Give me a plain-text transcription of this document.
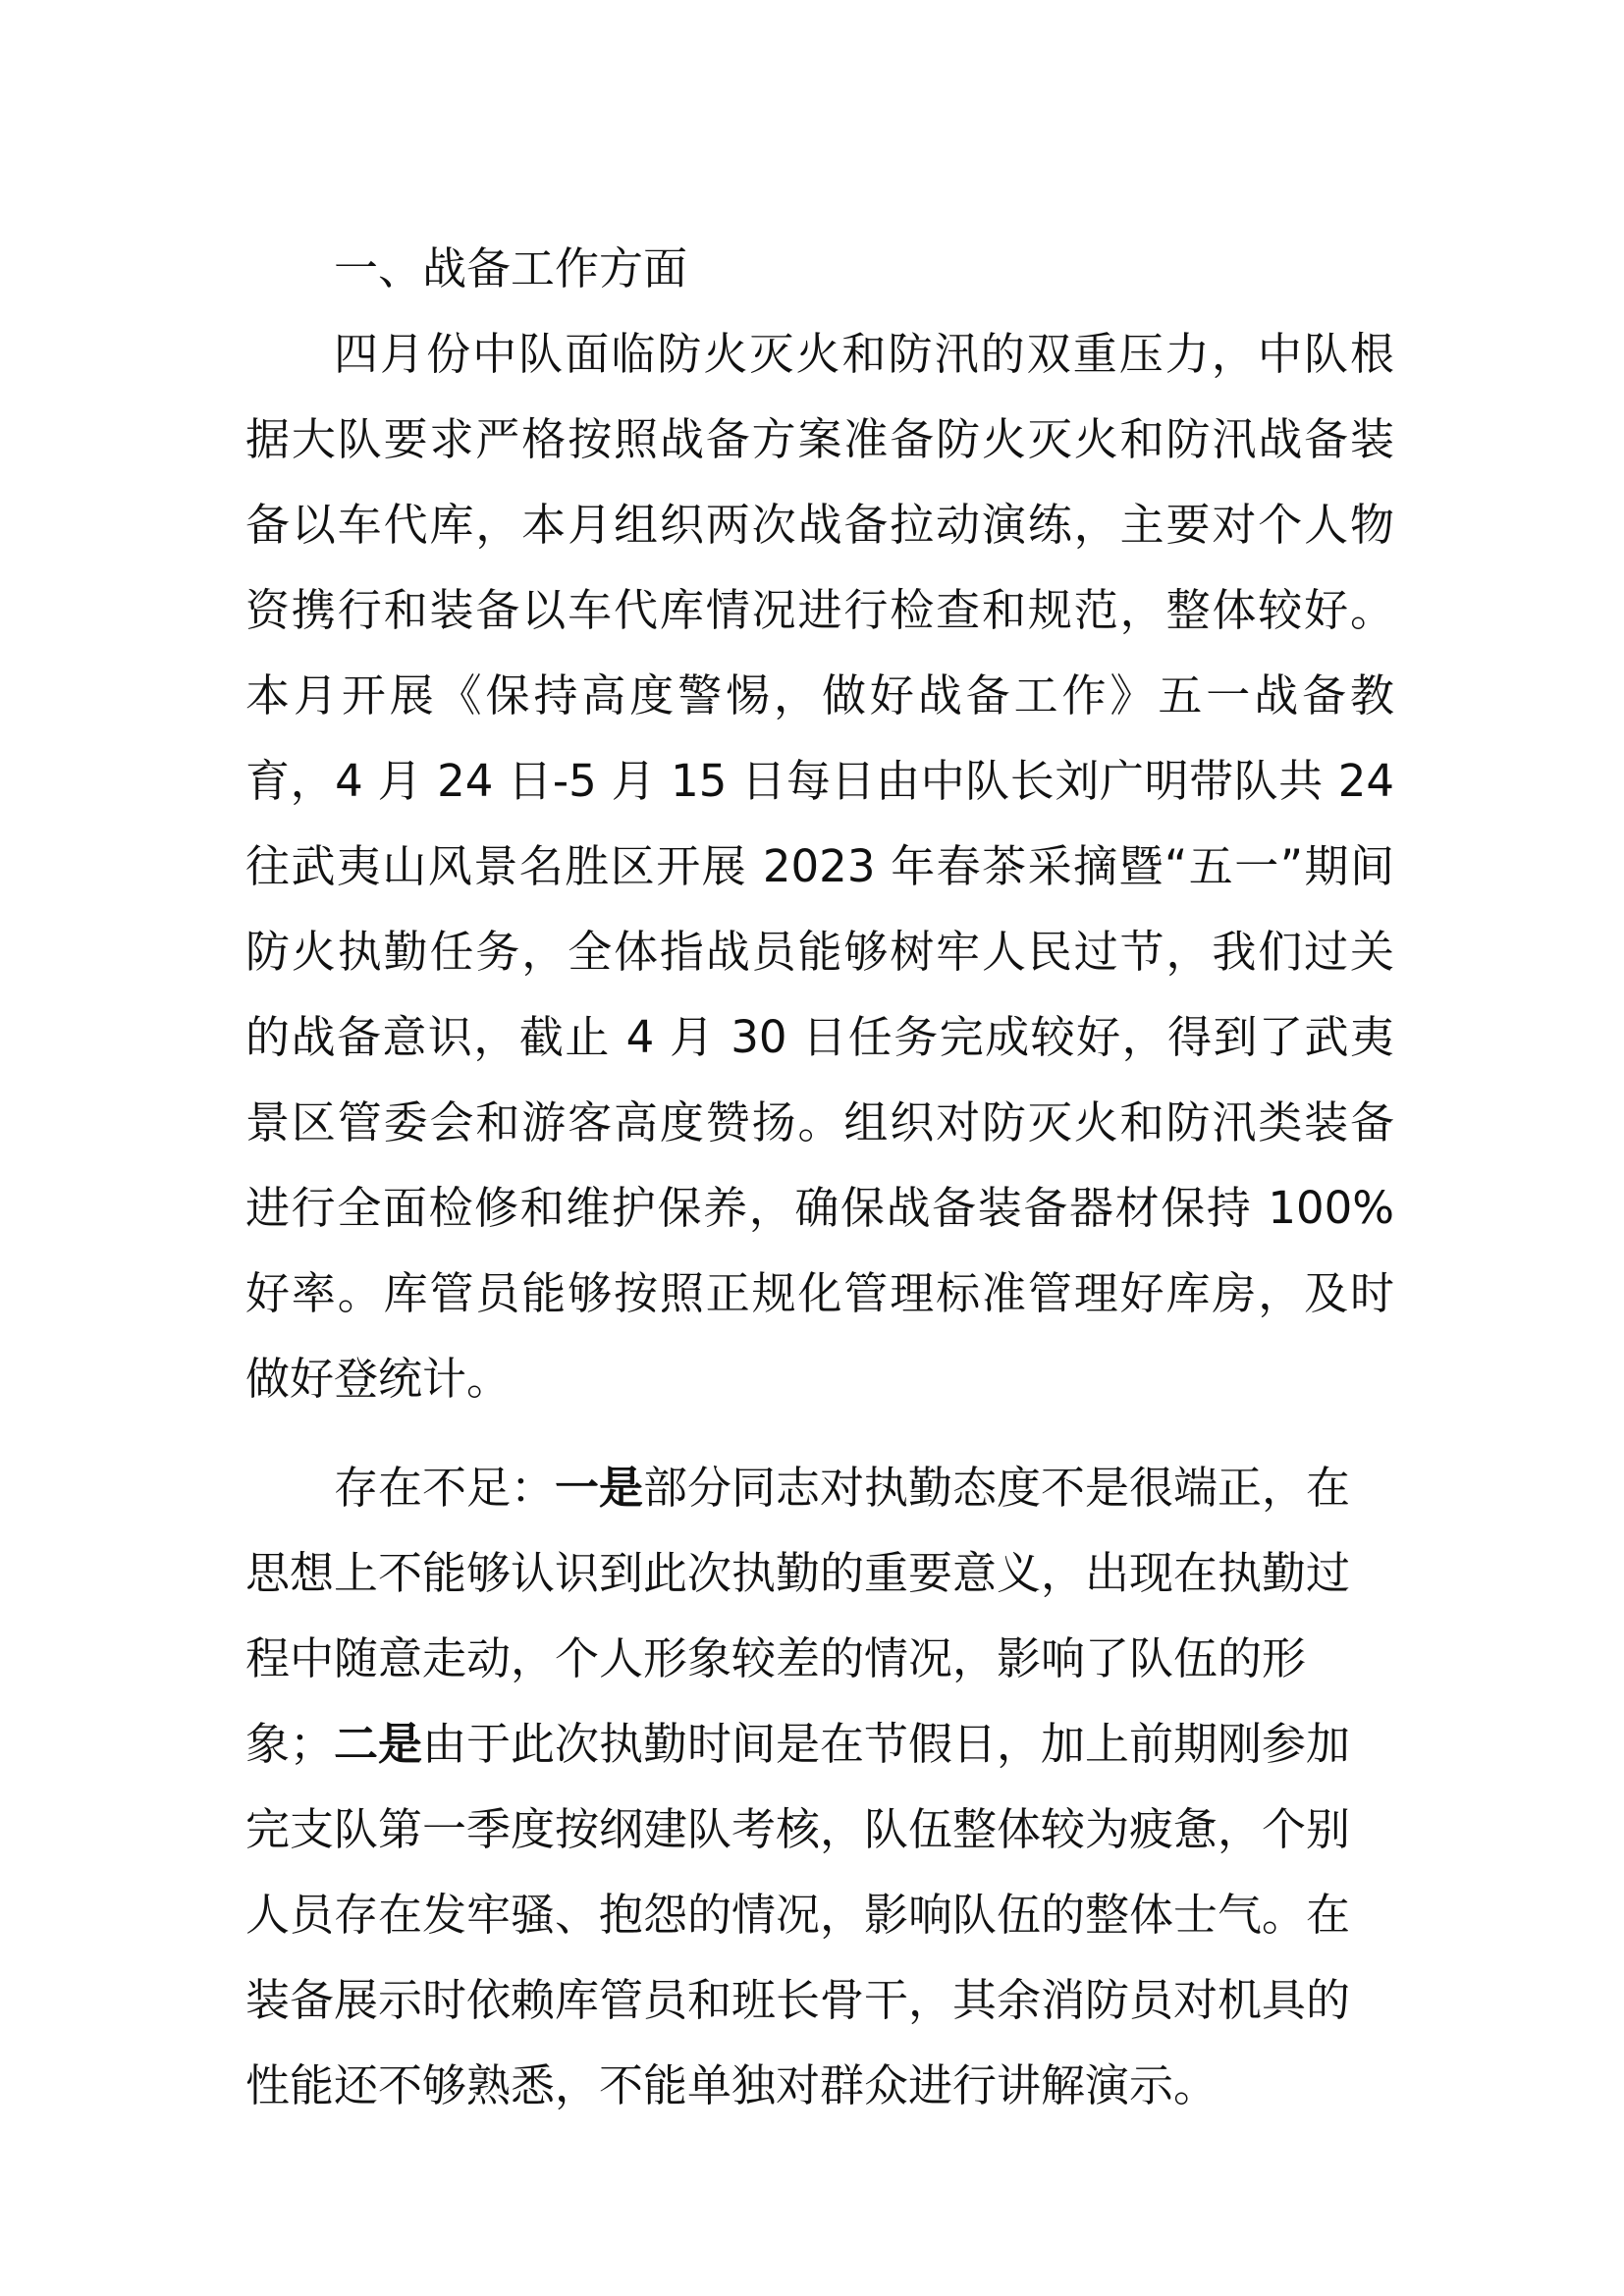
一、战备工作方面
四月份中队面临防火灭火和防汛的双重压力，中队根
据大队要求严格按照战备方案准备防火灭火和防汛战备装
备以车代库，本月组织两次战备拉动演练，主要对个人物
资携行和装备以车代库情况进行检查和规范，整体较好。
本月开展《保持高度警惕，做好战备工作》五一战备教
育，4 月 24 日-5 月 15 日每日由中队长刘广明带队共 24
往武夷山风景名胜区开展 2023 年春茶采摘暨“五一”期间
防火执勤任务，全体指战员能够树牢人民过节，我们过关
的战备意识，截止 4 月 30 日任务完成较好，得到了武夷
景区管委会和游客高度赞扬。组织对防灭火和防汛类装备
进行全面检修和维护保养，确保战备装备器材保持 100%
好率。库管员能够按照正规化管理标准管理好库房，及时
做好登统计。
存在不足：一是部分同志对执勤态度不是很端正，在
思想上不能够认识到此次执勤的重要意义，出现在执勤过
程中随意走动，个人形象较差的情况，影响了队伍的形
象；二是由于此次执勤时间是在节假日，加上前期刚参加
完支队第一季度按纲建队考核，队伍整体较为疲惫，个别
人员存在发牢骚、抱怨的情况，影响队伍的整体士气。在
装备展示时依赖库管员和班长骨干，其余消防员对机具的
性能还不够熟悉，不能单独对群众进行讲解演示。
